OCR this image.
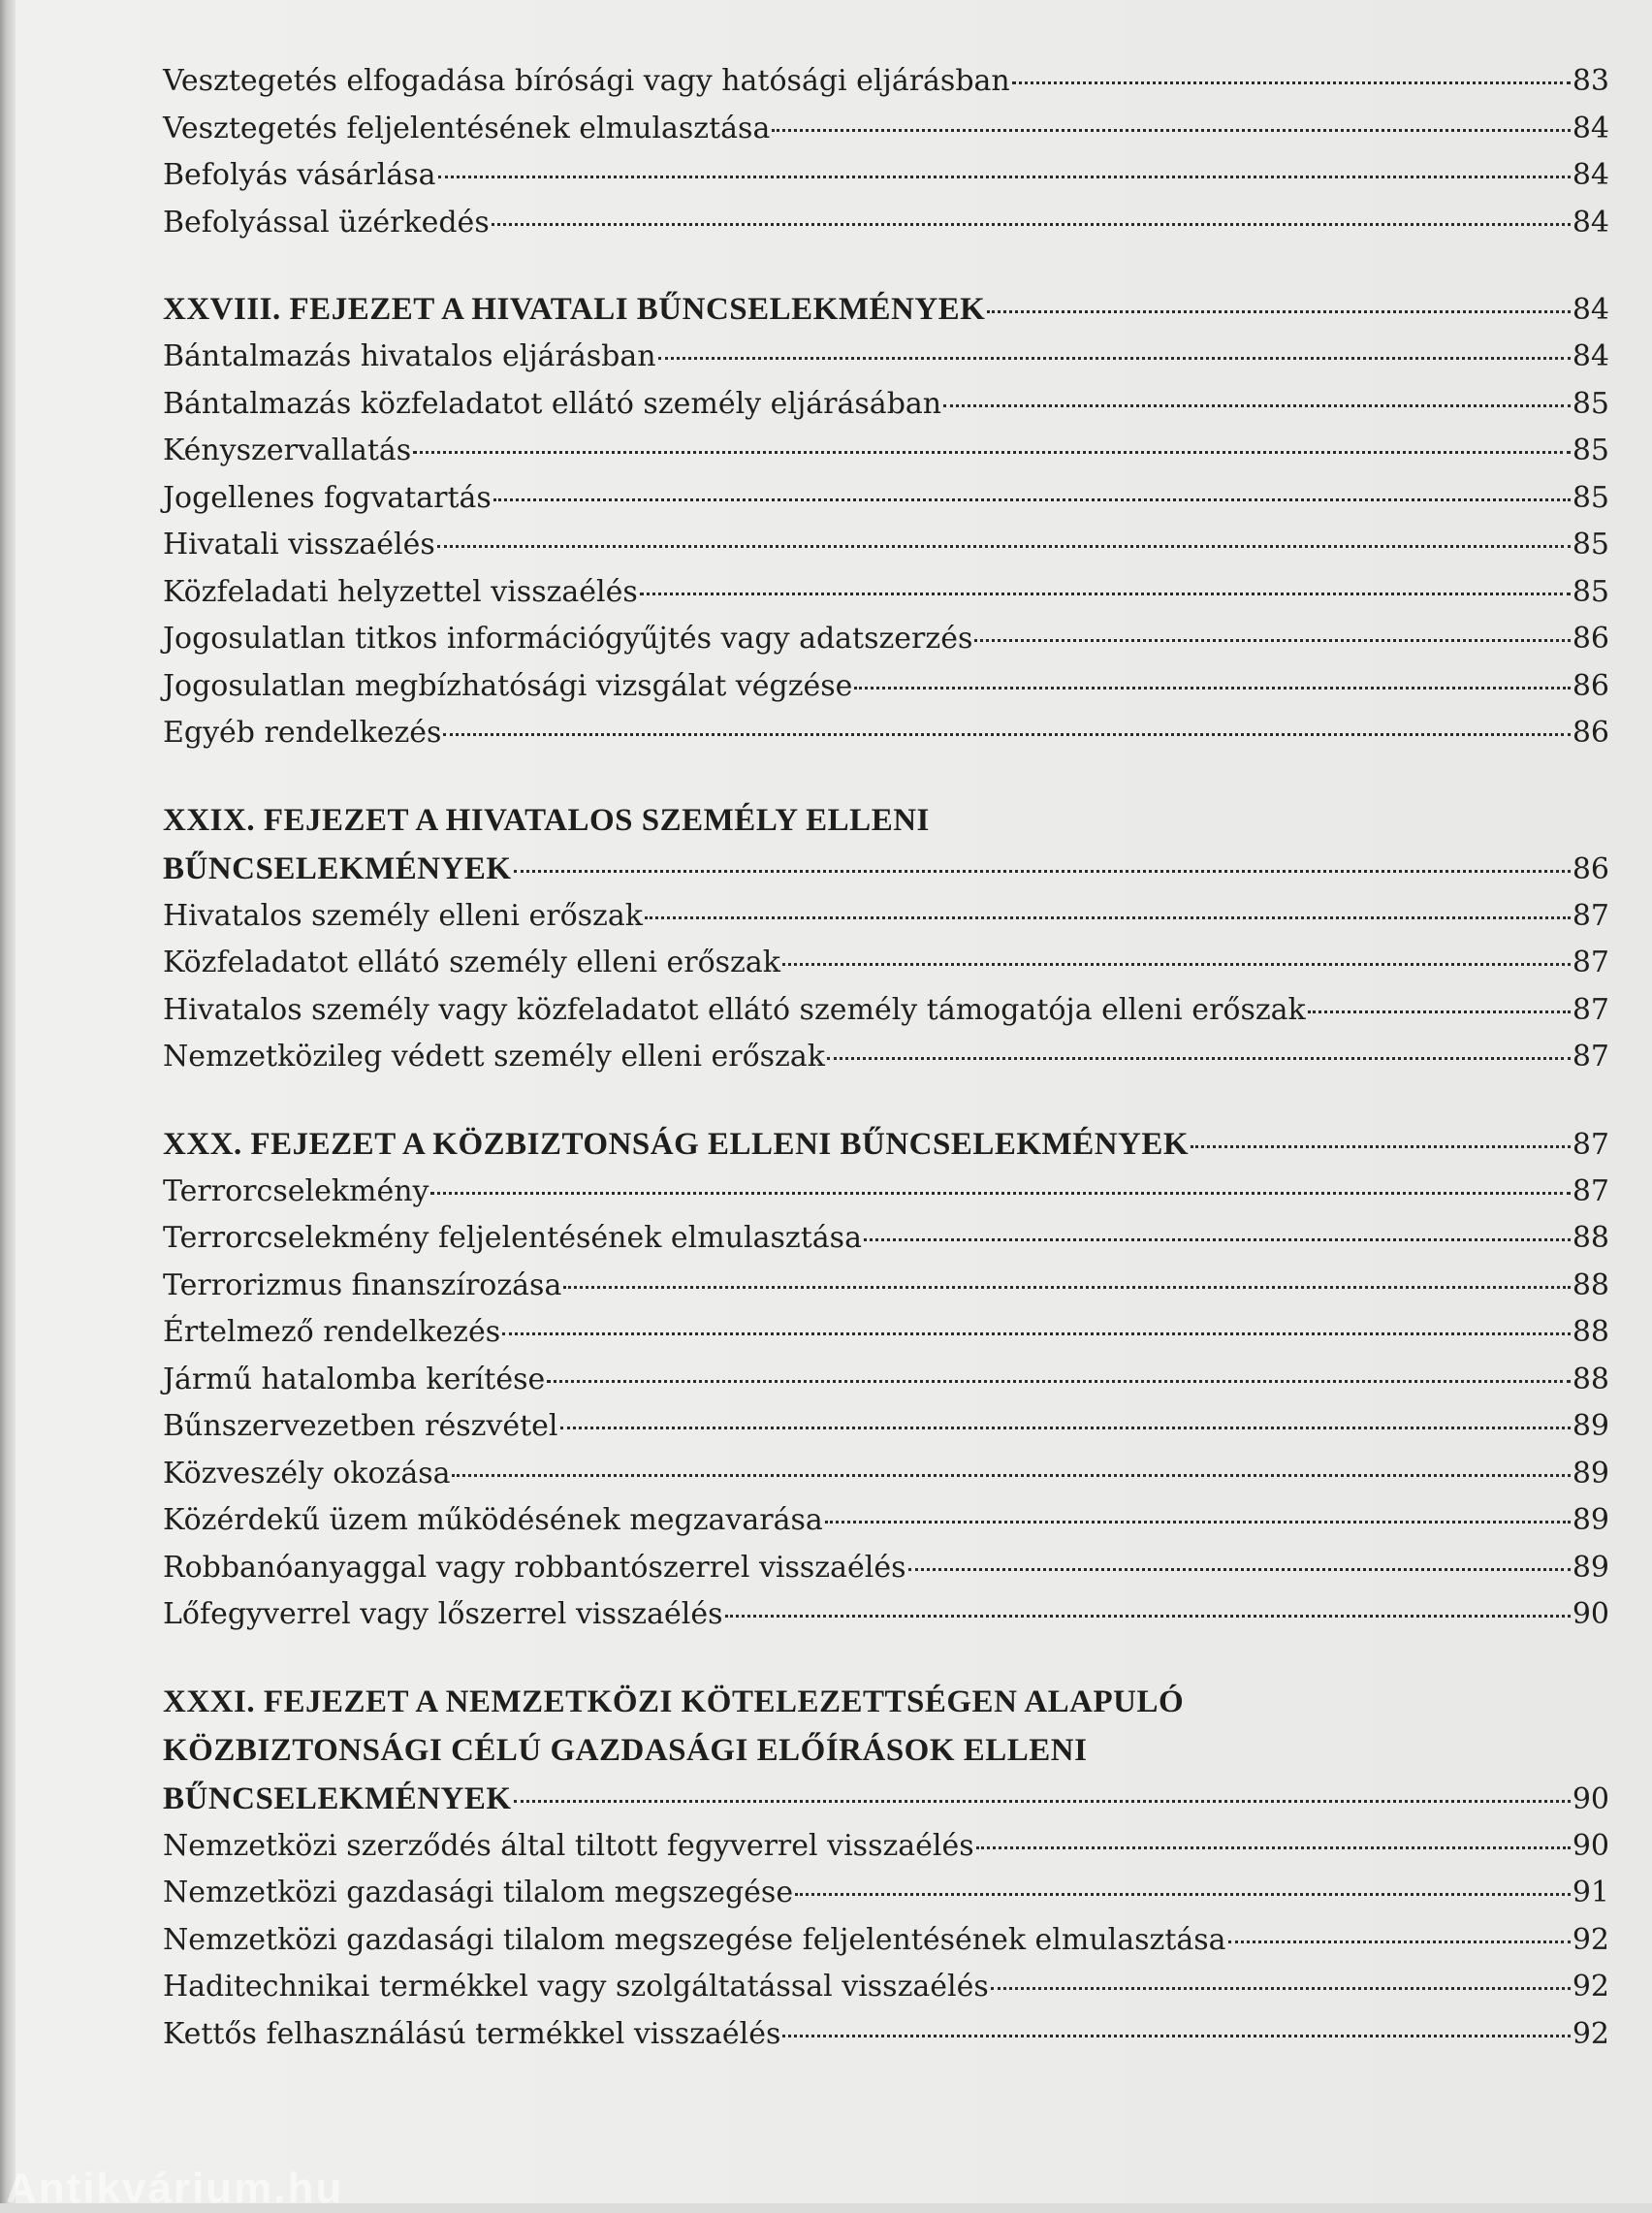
Vesztegetés elfogadása bírósági vagy hatósági eljárásban	83
Vesztegetés feljelentésének elmulasztása	84
Befolyás vásárlása	84
Befolyással üzérkedés	84
XXVIII. FEJEZET A HIVATALI BŰNCSELEKMÉNYEK	84
Bántalmazás hivatalos eljárásban	84
Bántalmazás közfeladatot ellátó személy eljárásában	85
Kényszervallatás	85
Jogellenes fogvatartás	85
Hivatali visszaélés	85
Közfeladati helyzettel visszaélés	85
Jogosulatlan titkos információgyűjtés vagy adatszerzés	86
Jogosulatlan megbízhatósági vizsgálat végzése	86
Egyéb rendelkezés	86
XXIX. FEJEZET A HIVATALOS SZEMÉLY ELLENI
BŰNCSELEKMÉNYEK	86
Hivatalos személy elleni erőszak	87
Közfeladatot ellátó személy elleni erőszak	87
Hivatalos személy vagy közfeladatot ellátó személy támogatója elleni erőszak	87
Nemzetközileg védett személy elleni erőszak	87
XXX. FEJEZET A KÖZBIZTONSÁG ELLENI BŰNCSELEKMÉNYEK	87
Terrorcselekmény	87
Terrorcselekmény feljelentésének elmulasztása	88
Terrorizmus finanszírozása	88
Értelmező rendelkezés	88
Jármű hatalomba kerítése	88
Bűnszervezetben részvétel	89
Közveszély okozása	89
Közérdekű üzem működésének megzavarása	89
Robbanóanyaggal vagy robbantószerrel visszaélés	89
Lőfegyverrel vagy lőszerrel visszaélés	90
XXXI. FEJEZET A NEMZETKÖZI KÖTELEZETTSÉGEN ALAPULÓ
KÖZBIZTONSÁGI CÉLÚ GAZDASÁGI ELŐÍRÁSOK ELLENI
BŰNCSELEKMÉNYEK	90
Nemzetközi szerződés által tiltott fegyverrel visszaélés	90
Nemzetközi gazdasági tilalom megszegése	91
Nemzetközi gazdasági tilalom megszegése feljelentésének elmulasztása	92
Haditechnikai termékkel vagy szolgáltatással visszaélés	92
Kettős felhasználású termékkel visszaélés	92
Antikvárium.hu
